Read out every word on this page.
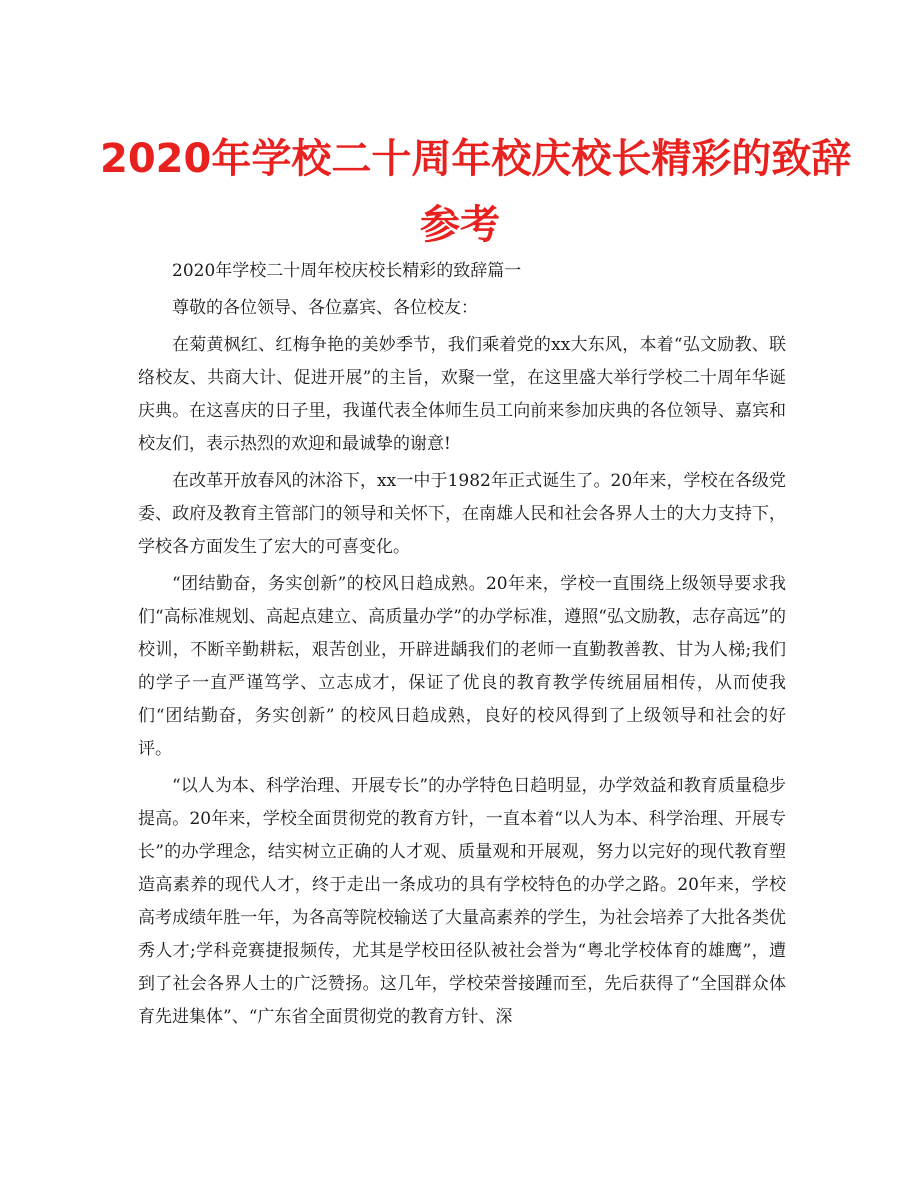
2020年学校二十周年校庆校长精彩的致辞
参考

2020年学校二十周年校庆校长精彩的致辞篇一

尊敬的各位领导、各位嘉宾、各位校友：

在菊黄枫红、红梅争艳的美妙季节，我们乘着党的xx大东风，本着“弘文励教、联络校友、共商大计、促进开展”的主旨，欢聚一堂，在这里盛大举行学校二十周年华诞庆典。在这喜庆的日子里，我谨代表全体师生员工向前来参加庆典的各位领导、嘉宾和校友们，表示热烈的欢迎和最诚挚的谢意!

在改革开放春风的沐浴下，xx一中于1982年正式诞生了。20年来，学校在各级党委、政府及教育主管部门的领导和关怀下，在南雄人民和社会各界人士的大力支持下，学校各方面发生了宏大的可喜变化。

“团结勤奋，务实创新”的校风日趋成熟。20年来，学校一直围绕上级领导要求我们“高标准规划、高起点建立、高质量办学”的办学标准，遵照“弘文励教，志存高远”的校训，不断辛勤耕耘，艰苦创业，开辟进龋我们的老师一直勤教善教、甘为人梯;我们的学子一直严谨笃学、立志成才，保证了优良的教育教学传统届届相传，从而使我们“团结勤奋，务实创新” 的校风日趋成熟，良好的校风得到了上级领导和社会的好评。

“以人为本、科学治理、开展专长”的办学特色日趋明显，办学效益和教育质量稳步提高。20年来，学校全面贯彻党的教育方针，一直本着“以人为本、科学治理、开展专长”的办学理念，结实树立正确的人才观、质量观和开展观，努力以完好的现代教育塑造高素养的现代人才，终于走出一条成功的具有学校特色的办学之路。20年来，学校高考成绩年胜一年，为各高等院校输送了大量高素养的学生，为社会培养了大批各类优秀人才;学科竞赛捷报频传，尤其是学校田径队被社会誉为“粤北学校体育的雄鹰”，遭到了社会各界人士的广泛赞扬。这几年，学校荣誉接踵而至，先后获得了“全国群众体育先进集体”、“广东省全面贯彻党的教育方针、深
